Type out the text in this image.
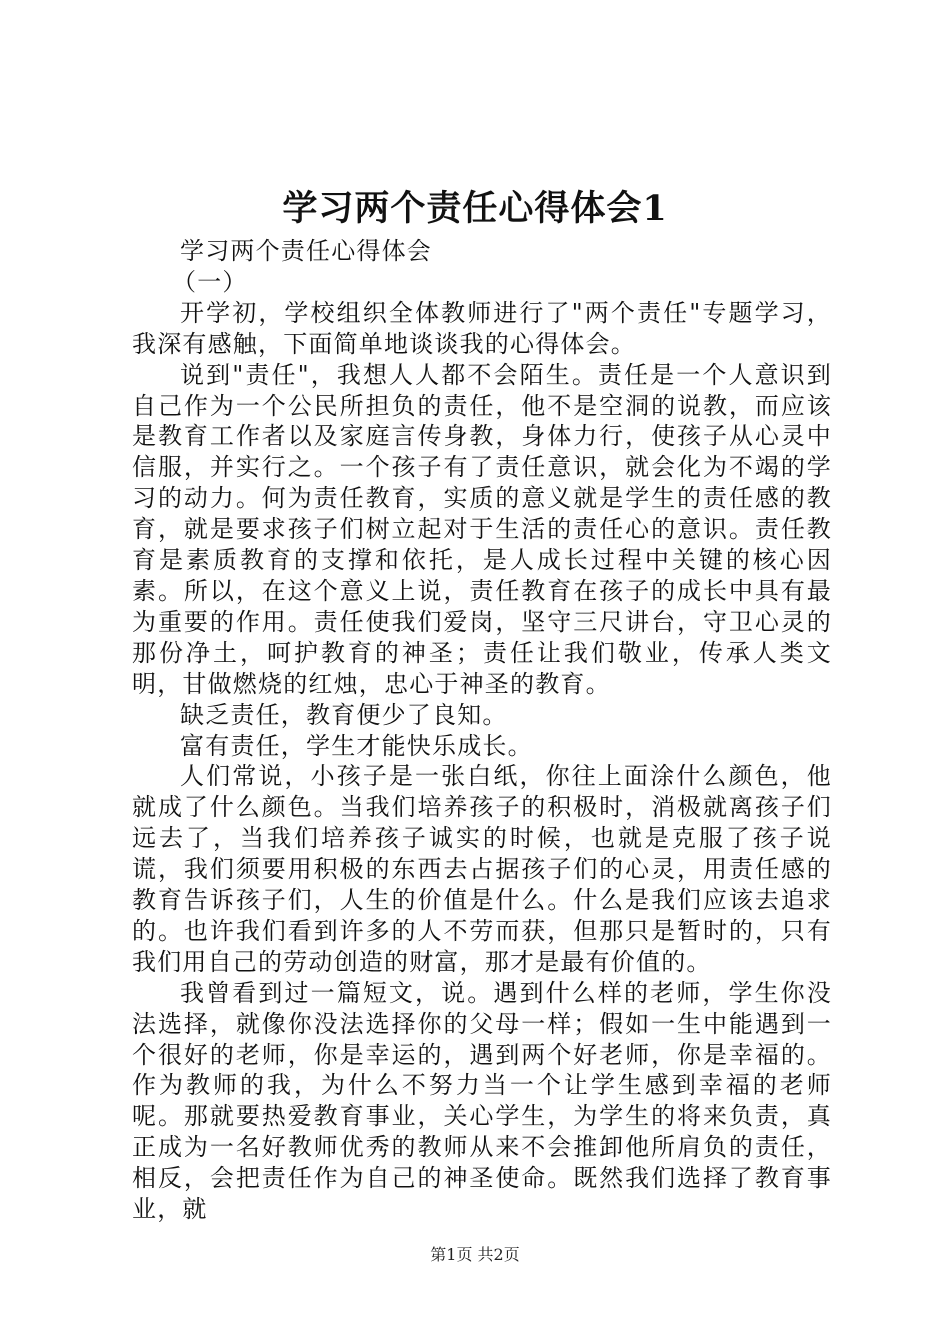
学习两个责任心得体会1

学习两个责任心得体会

（一）

开学初，学校组织全体教师进行了"两个责任"专题学习，我深有感触，下面简单地谈谈我的心得体会。

说到"责任"，我想人人都不会陌生。责任是一个人意识到自己作为一个公民所担负的责任，他不是空洞的说教，而应该是教育工作者以及家庭言传身教，身体力行，使孩子从心灵中信服，并实行之。一个孩子有了责任意识，就会化为不竭的学习的动力。何为责任教育，实质的意义就是学生的责任感的教育，就是要求孩子们树立起对于生活的责任心的意识。责任教育是素质教育的支撑和依托，是人成长过程中关键的核心因素。所以，在这个意义上说，责任教育在孩子的成长中具有最为重要的作用。责任使我们爱岗，坚守三尺讲台，守卫心灵的那份净土，呵护教育的神圣；责任让我们敬业，传承人类文明，甘做燃烧的红烛，忠心于神圣的教育。

缺乏责任，教育便少了良知。

富有责任，学生才能快乐成长。

人们常说，小孩子是一张白纸，你往上面涂什么颜色，他就成了什么颜色。当我们培养孩子的积极时，消极就离孩子们远去了，当我们培养孩子诚实的时候，也就是克服了孩子说谎，我们须要用积极的东西去占据孩子们的心灵，用责任感的教育告诉孩子们，人生的价值是什么。什么是我们应该去追求的。也许我们看到许多的人不劳而获，但那只是暂时的，只有我们用自己的劳动创造的财富，那才是最有价值的。

我曾看到过一篇短文，说。遇到什么样的老师，学生你没法选择，就像你没法选择你的父母一样；假如一生中能遇到一个很好的老师，你是幸运的，遇到两个好老师，你是幸福的。作为教师的我，为什么不努力当一个让学生感到幸福的老师呢。那就要热爱教育事业，关心学生，为学生的将来负责，真正成为一名好教师优秀的教师从来不会推卸他所肩负的责任，相反，会把责任作为自己的神圣使命。既然我们选择了教育事业，就

第1页 共2页
